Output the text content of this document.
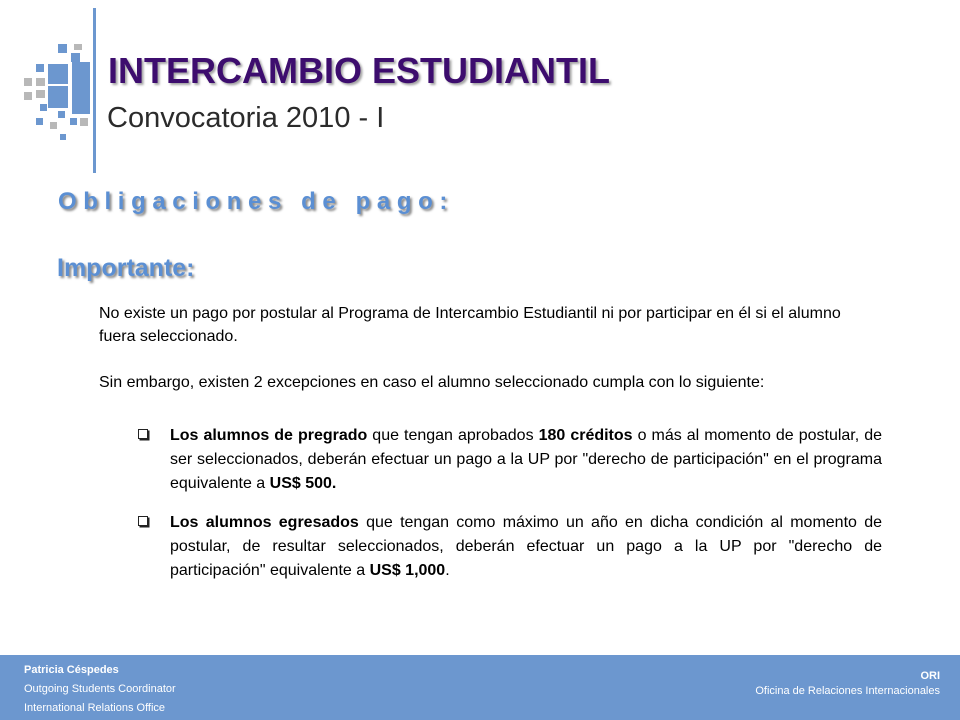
INTERCAMBIO ESTUDIANTIL

Convocatoria 2010 - I

Obligaciones de pago:
Importante:

No existe un pago por postular al Programa de Intercambio Estudiantil ni por participar en él si el alumno fuera seleccionado.

Sin embargo, existen 2 excepciones en caso el alumno seleccionado cumpla con lo siguiente:

Los alumnos de pregrado que tengan aprobados 180 créditos o más al momento de postular, de ser seleccionados, deberán efectuar un pago a la UP por "derecho de participación" en el programa equivalente a US$ 500.
Los alumnos egresados que tengan como máximo un año en dicha condición al momento de postular, de resultar seleccionados, deberán efectuar un pago a la UP por "derecho de participación" equivalente a US$ 1,000.
Patricia Céspedes
Outgoing Students Coordinator
International Relations Office
ORI
Oficina de Relaciones Internacionales
